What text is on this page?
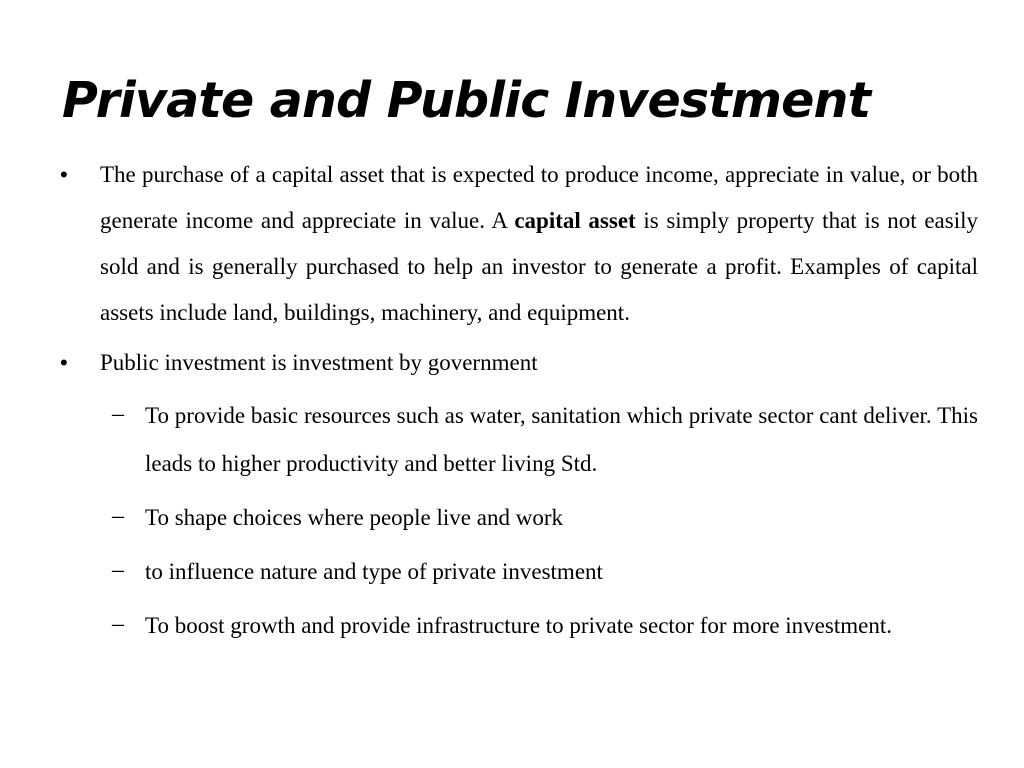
Private and Public Investment
•	The purchase of a capital asset that is expected to produce income, appreciate in value, or both generate income and appreciate in value. A capital asset is simply property that is not easily sold and is generally purchased to help an investor to generate a profit. Examples of capital assets include land, buildings, machinery, and equipment.
•	Public investment is investment by government
– To provide basic resources such as water, sanitation which private sector cant deliver. This leads to higher productivity and better living Std.
– To shape choices where people live and work
– to influence nature and type of private investment
– To boost growth and provide infrastructure to private sector for more investment.
